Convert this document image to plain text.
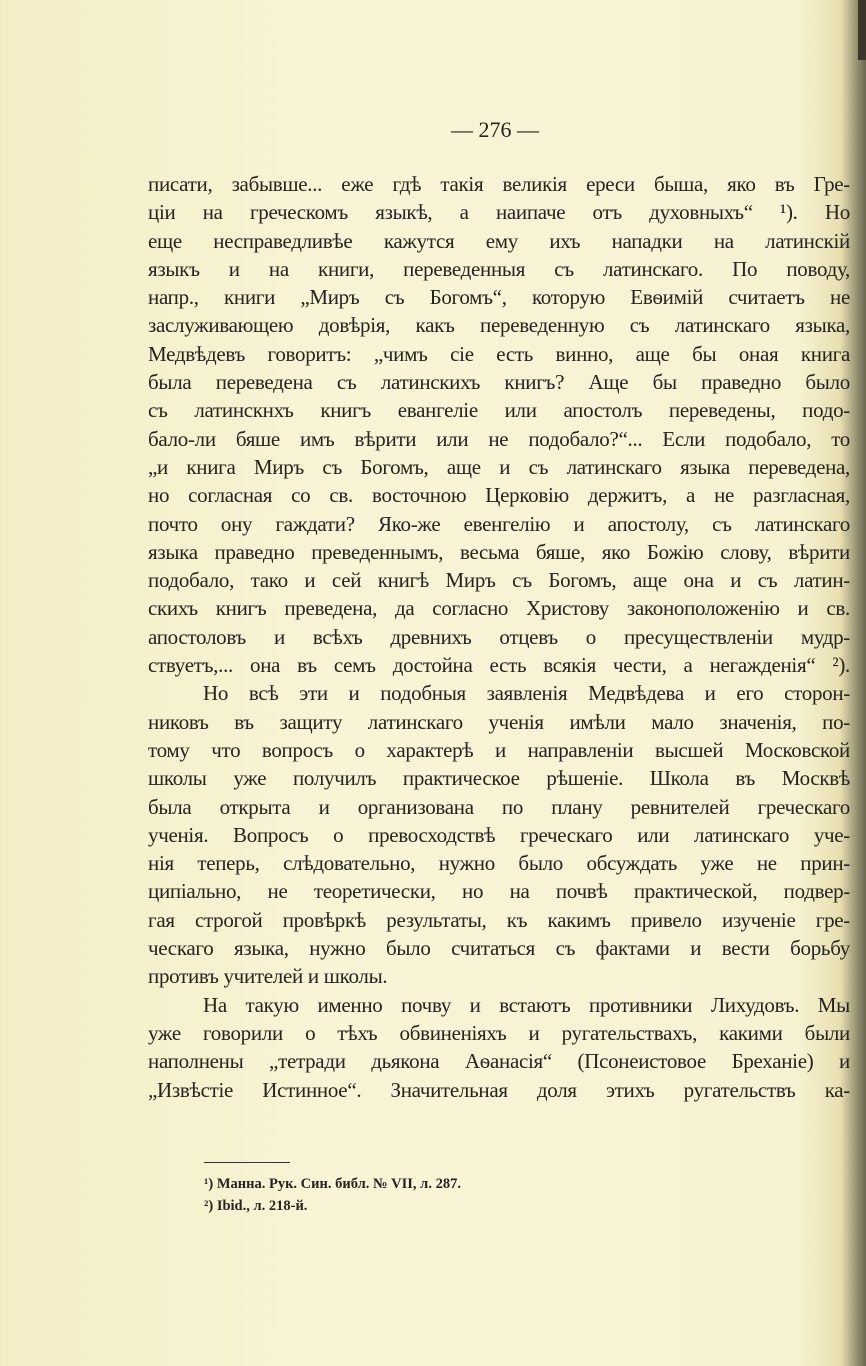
— 276 —
писати, забывше... еже гдѣ такія великія ереси быша, яко въ Гре-
ціи на греческомъ языкѣ, а наипаче отъ духовныхъ“ ¹). Но
еще несправедливѣе кажутся ему ихъ нападки на латинскій
языкъ и на книги, переведенныя съ латинскаго. По поводу,
напр., книги „Миръ съ Богомъ“, которую Евѳимій считаетъ не
заслуживающею довѣрія, какъ переведенную съ латинскаго языка,
Медвѣдевъ говоритъ: „чимъ сіе есть винно, аще бы оная книга
была переведена съ латинскихъ книгъ? Аще бы праведно было
съ латинскнхъ книгъ евангеліе или апостолъ переведены, подо-
бало-ли бяше имъ вѣрити или не подобало?“... Если подобало, то
„и книга Миръ съ Богомъ, аще и съ латинскаго языка переведена,
но согласная со св. восточною Церковію держитъ, а не разгласная,
почто ону гаждати? Яко-же евенгелію и апостолу, съ латинскаго
языка праведно преведеннымъ, весьма бяше, яко Божію слову, вѣрити
подобало, тако и сей книгѣ Миръ съ Богомъ, аще она и съ латин-
скихъ книгъ преведена, да согласно Христову законоположенію и св.
апостоловъ и всѣхъ древнихъ отцевъ о пресуществленіи мудр-
ствуетъ,... она въ семъ достойна есть всякія чести, а негажденія“ ²).
Но всѣ эти и подобныя заявленія Медвѣдева и его сторон-
никовъ въ защиту латинскаго ученія имѣли мало значенія, по-
тому что вопросъ о характерѣ и направленіи высшей Московской
школы уже получилъ практическое рѣшеніе. Школа въ Москвѣ
была открыта и организована по плану ревнителей греческаго
ученія. Вопросъ о превосходствѣ греческаго или латинскаго уче-
нія теперь, слѣдовательно, нужно было обсуждать уже не прин-
ципіально, не теоретически, но на почвѣ практической, подвер-
гая строгой провѣркѣ результаты, къ какимъ привело изученіе гре-
ческаго языка, нужно было считаться съ фактами и вести борьбу
противъ учителей и школы.
На такую именно почву и встаютъ противники Лихудовъ. Мы
уже говорили о тѣхъ обвиненіяхъ и ругательствахъ, какими были
наполнены „тетради дьякона Аѳанасія“ (Псонеистовое Бреханіе) и
„Извѣстіе Истинное“. Значительная доля этихъ ругательствъ ка-
¹) Манна. Рук. Син. библ. № VII, л. 287.
²) Ibid., л. 218-й.
